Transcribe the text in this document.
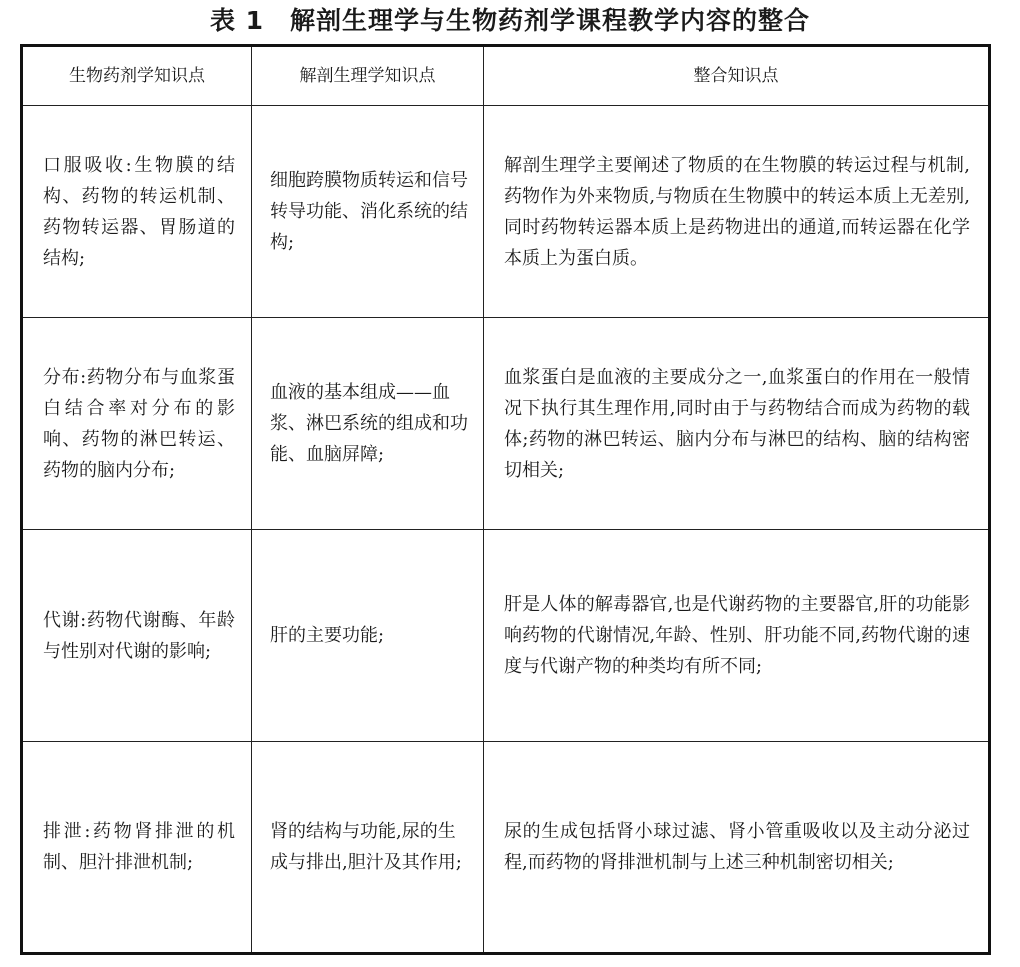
表 1 解剖生理学与生物药剂学课程教学内容的整合
生物药剂学知识点	解剖生理学知识点	整合知识点
口服吸收:生物膜的结构、药物的转运机制、药物转运器、胃肠道的结构;	细胞跨膜物质转运和信号转导功能、消化系统的结构;	解剖生理学主要阐述了物质的在生物膜的转运过程与机制,药物作为外来物质,与物质在生物膜中的转运本质上无差别,同时药物转运器本质上是药物进出的通道,而转运器在化学本质上为蛋白质。
分布:药物分布与血浆蛋白结合率对分布的影响、药物的淋巴转运、药物的脑内分布;	血液的基本组成——血浆、淋巴系统的组成和功能、血脑屏障;	血浆蛋白是血液的主要成分之一,血浆蛋白的作用在一般情况下执行其生理作用,同时由于与药物结合而成为药物的载体;药物的淋巴转运、脑内分布与淋巴的结构、脑的结构密切相关;
代谢:药物代谢酶、年龄与性别对代谢的影响;	肝的主要功能;	肝是人体的解毒器官,也是代谢药物的主要器官,肝的功能影响药物的代谢情况,年龄、性别、肝功能不同,药物代谢的速度与代谢产物的种类均有所不同;
排泄:药物肾排泄的机制、胆汁排泄机制;	肾的结构与功能,尿的生成与排出,胆汁及其作用;	尿的生成包括肾小球过滤、肾小管重吸收以及主动分泌过程,而药物的肾排泄机制与上述三种机制密切相关;
